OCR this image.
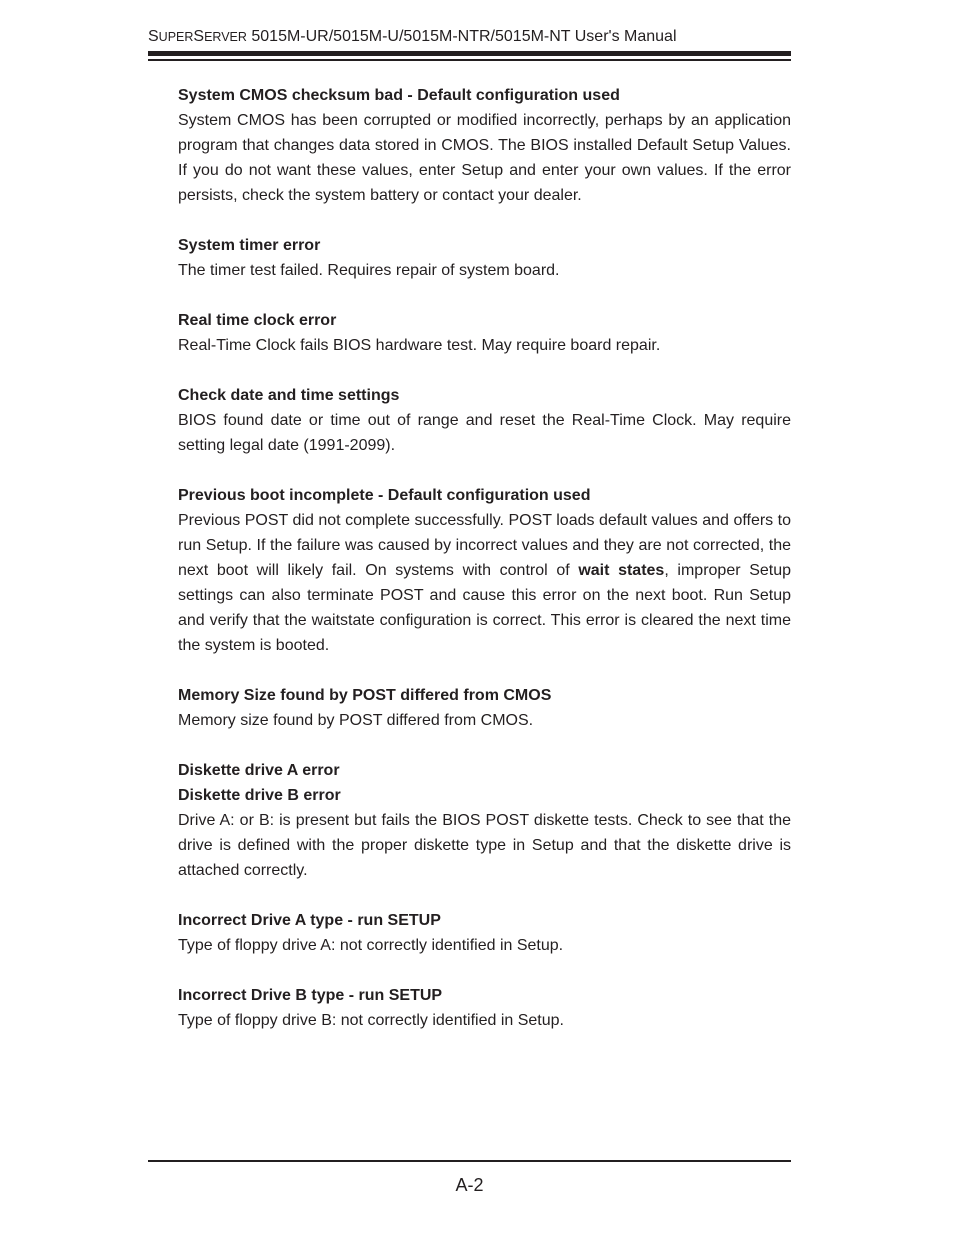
SUPERSERVER 5015M-UR/5015M-U/5015M-NTR/5015M-NT User's Manual
System CMOS checksum bad - Default configuration used
System CMOS has been corrupted or modified incorrectly, perhaps by an application program that changes data stored in CMOS. The BIOS installed Default Setup Values. If you do not want these values, enter Setup and enter your own values. If the error persists, check the system battery or contact your dealer.
System timer error
The timer test failed. Requires repair of system board.
Real time clock error
Real-Time Clock fails BIOS hardware test. May require board repair.
Check date and time settings
BIOS found date or time out of range and reset the Real-Time Clock. May require setting legal date (1991-2099).
Previous boot incomplete - Default configuration used
Previous POST did not complete successfully. POST loads default values and offers to run Setup. If the failure was caused by incorrect values and they are not corrected, the next boot will likely fail. On systems with control of wait states, improper Setup settings can also terminate POST and cause this error on the next boot. Run Setup and verify that the waitstate configuration is correct. This error is cleared the next time the system is booted.
Memory Size found by POST differed from CMOS
Memory size found by POST differed from CMOS.
Diskette drive A error
Diskette drive B error
Drive A: or B: is present but fails the BIOS POST diskette tests. Check to see that the drive is defined with the proper diskette type in Setup and that the diskette drive is attached correctly.
Incorrect Drive A type - run SETUP
Type of floppy drive A: not correctly identified in Setup.
Incorrect Drive B type - run SETUP
Type of floppy drive B: not correctly identified in Setup.
A-2
